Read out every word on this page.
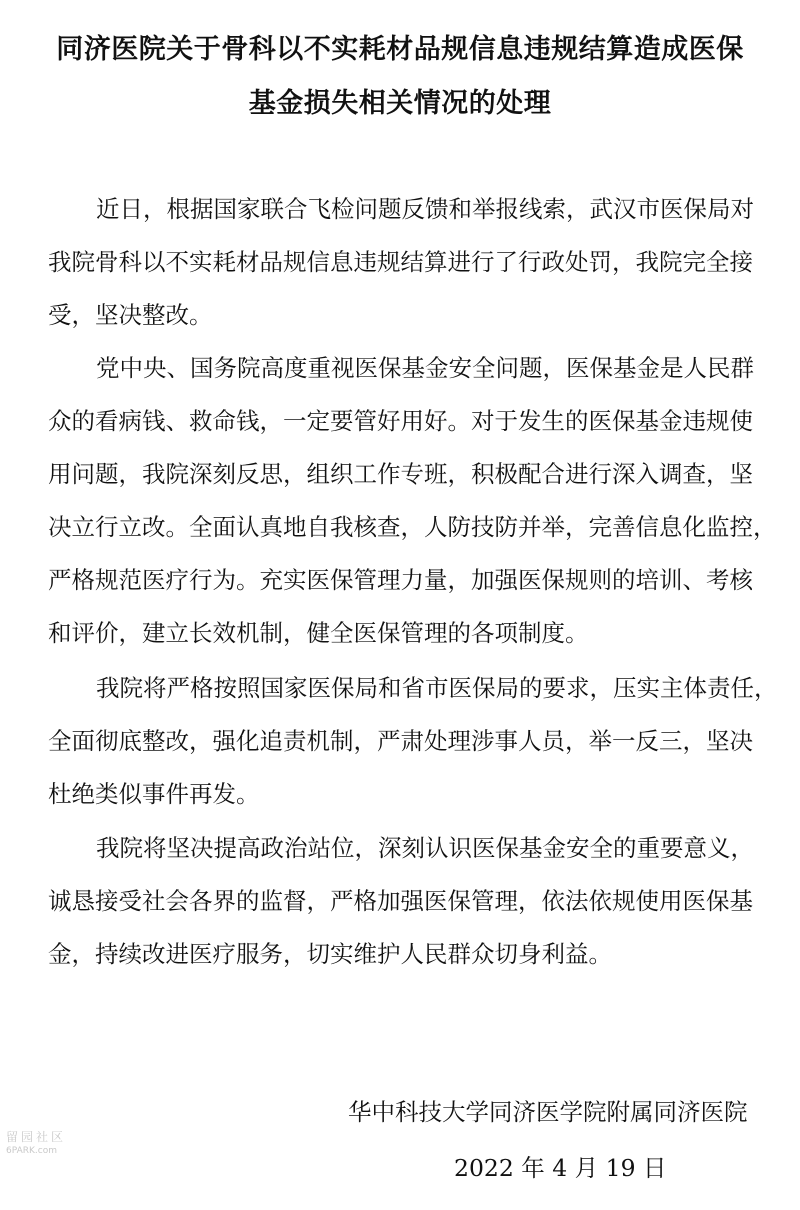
同济医院关于骨科以不实耗材品规信息违规结算造成医保
基金损失相关情况的处理
近日，根据国家联合飞检问题反馈和举报线索，武汉市医保局对
我院骨科以不实耗材品规信息违规结算进行了行政处罚，我院完全接
受，坚决整改。
党中央、国务院高度重视医保基金安全问题，医保基金是人民群
众的看病钱、救命钱，一定要管好用好。对于发生的医保基金违规使
用问题，我院深刻反思，组织工作专班，积极配合进行深入调查，坚
决立行立改。全面认真地自我核查，人防技防并举，完善信息化监控，
严格规范医疗行为。充实医保管理力量，加强医保规则的培训、考核
和评价，建立长效机制，健全医保管理的各项制度。
我院将严格按照国家医保局和省市医保局的要求，压实主体责任，
全面彻底整改，强化追责机制，严肃处理涉事人员，举一反三，坚决
杜绝类似事件再发。
我院将坚决提高政治站位，深刻认识医保基金安全的重要意义，
诚恳接受社会各界的监督，严格加强医保管理，依法依规使用医保基
金，持续改进医疗服务，切实维护人民群众切身利益。
华中科技大学同济医学院附属同济医院
2022 年 4 月 19 日
留园社区
6PARK.com
